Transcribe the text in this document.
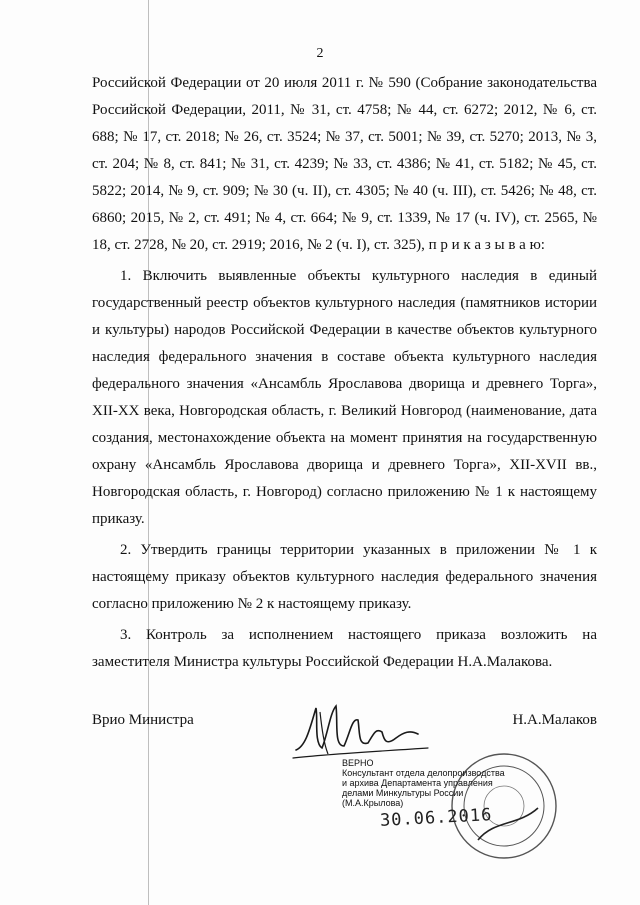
2

Российской Федерации от 20 июля 2011 г. № 590 (Собрание законодательства Российской Федерации, 2011, № 31, ст. 4758; № 44, ст. 6272; 2012, № 6, ст. 688; № 17, ст. 2018; № 26, ст. 3524; № 37, ст. 5001; № 39, ст. 5270; 2013, № 3, ст. 204; № 8, ст. 841; № 31, ст. 4239; № 33, ст. 4386; № 41, ст. 5182; № 45, ст. 5822; 2014, № 9, ст. 909; № 30 (ч. II), ст. 4305; № 40 (ч. III), ст. 5426; № 48, ст. 6860; 2015, № 2, ст. 491; № 4, ст. 664; № 9, ст. 1339, № 17 (ч. IV), ст. 2565, № 18, ст. 2728, № 20, ст. 2919; 2016, № 2 (ч. I), ст. 325), п р и к а з ы в а ю:

1. Включить выявленные объекты культурного наследия в единый государственный реестр объектов культурного наследия (памятников истории и культуры) народов Российской Федерации в качестве объектов культурного наследия федерального значения в составе объекта культурного наследия федерального значения «Ансамбль Ярославова дворища и древнего Торга», XII-XX века, Новгородская область, г. Великий Новгород (наименование, дата создания, местонахождение объекта на момент принятия на государственную охрану «Ансамбль Ярославова дворища и древнего Торга», XII-XVII вв., Новгородская область, г. Новгород) согласно приложению № 1 к настоящему приказу.

2. Утвердить границы территории указанных в приложении № 1 к настоящему приказу объектов культурного наследия федерального значения согласно приложению № 2 к настоящему приказу.

3. Контроль за исполнением настоящего приказа возложить на заместителя Министра культуры Российской Федерации Н.А.Малакова.

Врио Министра	Н.А.Малаков
ВЕРНО
Консультант отдела делопроизводства
и архива Департамента управления
делами Минкультуры России
(М.А.Крылова)
30.06.2016
